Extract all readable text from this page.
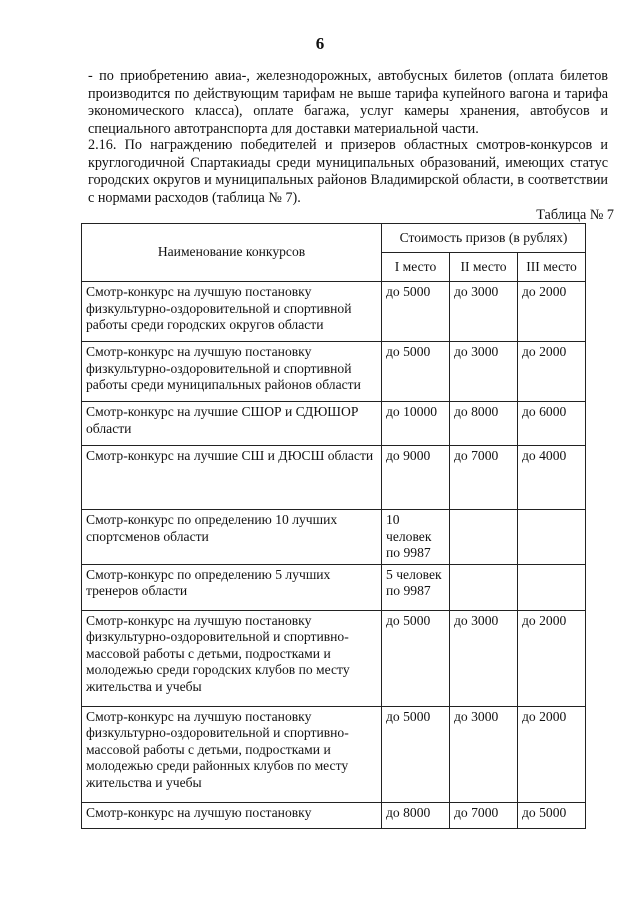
6
- по приобретению авиа-, железнодорожных, автобусных билетов (оплата билетов производится по действующим тарифам не выше тарифа купейного вагона и тарифа экономического класса), оплате багажа, услуг камеры хранения, автобусов и специального автотранспорта для доставки материальной части.
2.16. По награждению победителей и призеров областных смотров-конкурсов и круглогодичной Спартакиады среди муниципальных образований, имеющих статус городских округов и муниципальных районов Владимирской области, в соответствии с нормами расходов (таблица № 7).
Таблица № 7
Наименование конкурсов	Стоимость призов (в рублях)		
	I место	II место	III место
Смотр-конкурс на лучшую постановку физкультурно-оздоровительной и спортивной работы среди городских округов области	до 5000	до 3000	до 2000
Смотр-конкурс на лучшую постановку физкультурно-оздоровительной и спортивной работы среди муниципальных районов области	до 5000	до 3000	до 2000
Смотр-конкурс на лучшие СШОР и СДЮШОР области	до 10000	до 8000	до 6000
Смотр-конкурс на лучшие СШ и ДЮСШ области	до 9000	до 7000	до 4000
Смотр-конкурс по определению 10 лучших спортсменов области	10 человек по 9987		
Смотр-конкурс по определению 5 лучших тренеров области	5 человек по 9987		
Смотр-конкурс на лучшую постановку физкультурно-оздоровительной и спортивно-массовой работы с детьми, подростками и молодежью среди городских клубов по месту жительства и учебы	до 5000	до 3000	до 2000
Смотр-конкурс на лучшую постановку физкультурно-оздоровительной и спортивно-массовой работы с детьми, подростками и молодежью среди районных клубов по месту жительства и учебы	до 5000	до 3000	до 2000
Смотр-конкурс на лучшую постановку	до 8000	до 7000	до 5000
